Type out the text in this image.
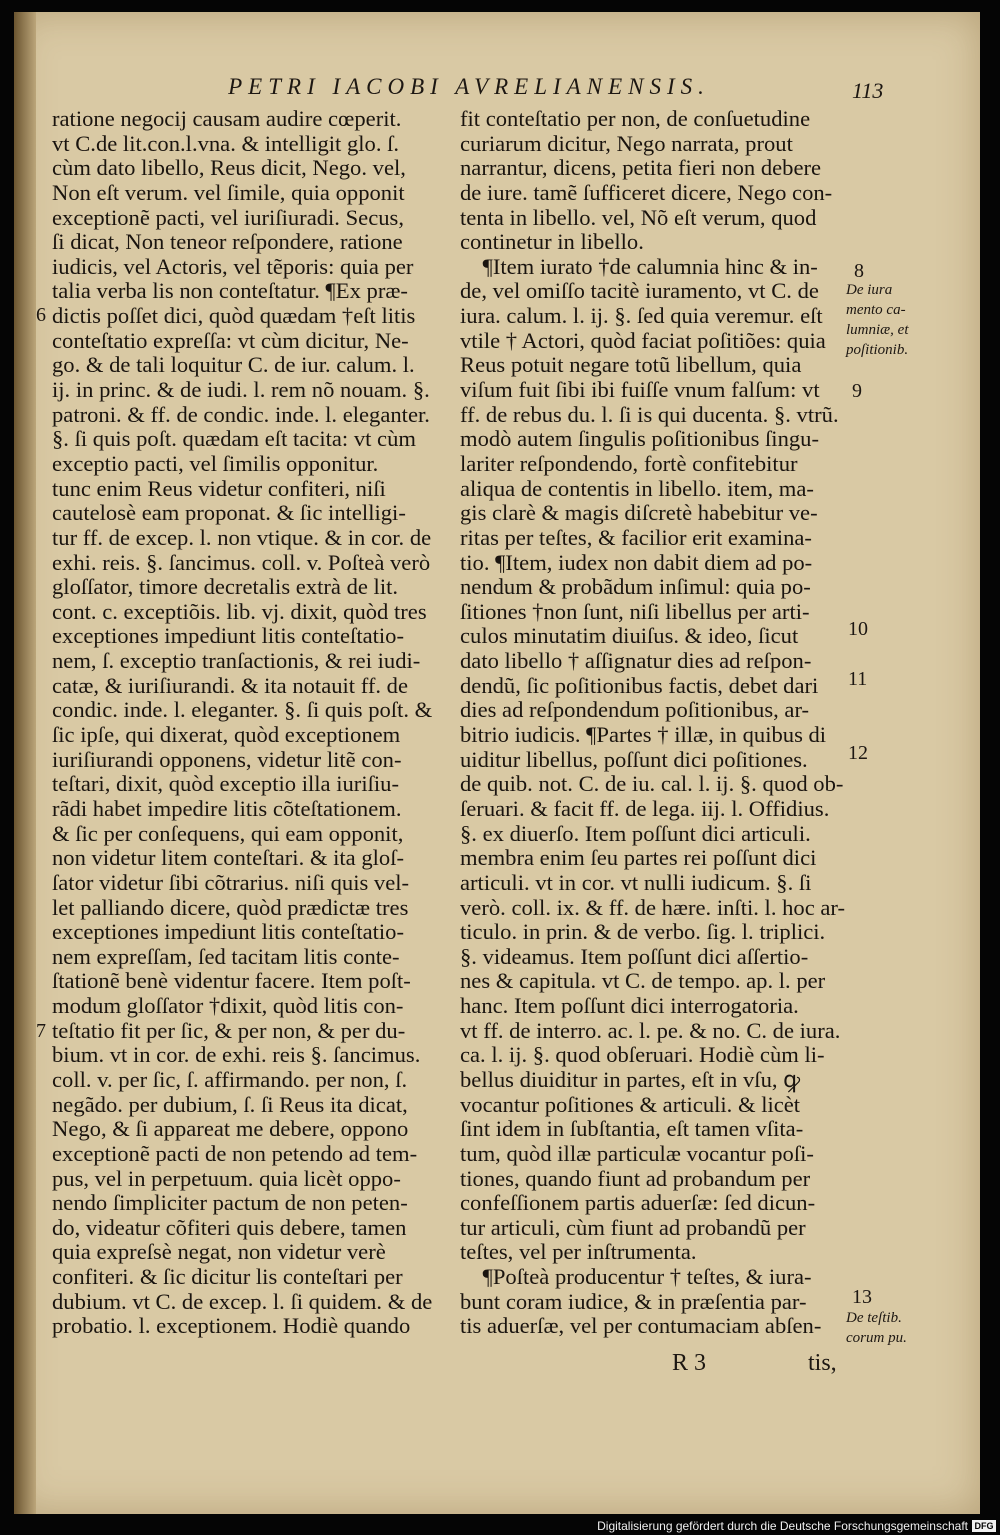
PETRI IACOBI AVRELIANENSIS.	113
ratione negocij causam audire cœperit.
vt C.de lit.con.l.vna. & intelligit glo. ſ.
cùm dato libello, Reus dicit, Nego. vel,
Non eſt verum. vel ſimile, quia opponit
exceptionẽ pacti, vel iuriſiuradi. Secus,
ſi dicat, Non teneor reſpondere, ratione
iudicis, vel Actoris, vel tẽporis: quia per
talia verba lis non conteſtatur. ¶Ex præ-
dictis poſſet dici, quòd quædam †eſt litis
conteſtatio expreſſa: vt cùm dicitur, Ne-
go. & de tali loquitur C. de iur. calum. l.
ij. in princ. & de iudi. l. rem nõ nouam. §.
patroni. & ff. de condic. inde. l. eleganter.
§. ſi quis poſt. quædam eſt tacita: vt cùm
exceptio pacti, vel ſimilis opponitur.
tunc enim Reus videtur confiteri, niſi
cautelosè eam proponat. & ſic intelligi-
tur ff. de excep. l. non vtique. & in cor. de
exhi. reis. §. ſancimus. coll. v. Poſteà verò
gloſſator, timore decretalis extrà de lit.
cont. c. exceptiõis. lib. vj. dixit, quòd tres
exceptiones impediunt litis conteſtatio-
nem, ſ. exceptio tranſactionis, & rei iudi-
catæ, & iuriſiurandi. & ita notauit ff. de
condic. inde. l. eleganter. §. ſi quis poſt. &
ſic ipſe, qui dixerat, quòd exceptionem
iuriſiurandi opponens, videtur litẽ con-
teſtari, dixit, quòd exceptio illa iuriſiu-
rãdi habet impedire litis cõteſtationem.
& ſic per conſequens, qui eam opponit,
non videtur litem conteſtari. & ita gloſ-
ſator videtur ſibi cõtrarius. niſi quis vel-
let palliando dicere, quòd prædictæ tres
exceptiones impediunt litis conteſtatio-
nem expreſſam, ſed tacitam litis conte-
ſtationẽ benè videntur facere. Item poſt-
modum gloſſator †dixit, quòd litis con-
teſtatio fit per ſic, & per non, & per du-
bium. vt in cor. de exhi. reis §. ſancimus.
coll. v. per ſic, ſ. affirmando. per non, ſ.
negãdo. per dubium, ſ. ſi Reus ita dicat,
Nego, & ſi appareat me debere, oppono
exceptionẽ pacti de non petendo ad tem-
pus, vel in perpetuum. quia licèt oppo-
nendo ſimpliciter pactum de non peten-
do, videatur cõfiteri quis debere, tamen
quia expreſsè negat, non videtur verè
confiteri. & ſic dicitur lis conteſtari per
dubium. vt C. de excep. l. ſi quidem. & de
probatio. l. exceptionem. Hodiè quando
fit conteſtatio per non, de conſuetudine
curiarum dicitur, Nego narrata, prout
narrantur, dicens, petita fieri non debere
de iure. tamẽ ſufficeret dicere, Nego con-
tenta in libello. vel, Nõ eſt verum, quod
continetur in libello.
¶Item iurato †de calumnia hinc & in-
de, vel omiſſo tacitè iuramento, vt C. de
iura. calum. l. ij. §. ſed quia veremur. eſt
vtile † Actori, quòd faciat poſitiões: quia
Reus potuit negare totũ libellum, quia
viſum fuit ſibi ibi fuiſſe vnum falſum: vt
ff. de rebus du. l. ſi is qui ducenta. §. vtrũ.
modò autem ſingulis poſitionibus ſingu-
lariter reſpondendo, fortè confitebitur
aliqua de contentis in libello. item, ma-
gis clarè & magis diſcretè habebitur ve-
ritas per teſtes, & facilior erit examina-
tio. ¶Item, iudex non dabit diem ad po-
nendum & probãdum inſimul: quia po-
ſitiones †non ſunt, niſi libellus per arti-
culos minutatim diuiſus. & ideo, ſicut
dato libello † aſſignatur dies ad reſpon-
dendũ, ſic poſitionibus factis, debet dari
dies ad reſpondendum poſitionibus, ar-
bitrio iudicis. ¶Partes † illæ, in quibus di
uiditur libellus, poſſunt dici poſitiones.
de quib. not. C. de iu. cal. l. ij. §. quod ob-
ſeruari. & facit ff. de lega. iij. l. Offidius.
§. ex diuerſo. Item poſſunt dici articuli.
membra enim ſeu partes rei poſſunt dici
articuli. vt in cor. vt nulli iudicum. §. ſi
verò. coll. ix. & ff. de hære. inſti. l. hoc ar-
ticulo. in prin. & de verbo. ſig. l. triplici.
§. videamus. Item poſſunt dici aſſertio-
nes & capitula. vt C. de tempo. ap. l. per
hanc. Item poſſunt dici interrogatoria.
vt ff. de interro. ac. l. pe. & no. C. de iura.
ca. l. ij. §. quod obſeruari. Hodiè cùm li-
bellus diuiditur in partes, eſt in vſu, ꝙ
vocantur poſitiones & articuli. & licèt
ſint idem in ſubſtantia, eſt tamen vſita-
tum, quòd illæ particulæ vocantur poſi-
tiones, quando fiunt ad probandum per
confeſſionem partis aduerſæ: ſed dicun-
tur articuli, cùm fiunt ad probandũ per
teſtes, vel per inſtrumenta.
¶Poſteà producentur † teſtes, & iura-
bunt coram iudice, & in præſentia par-
tis aduerſæ, vel per contumaciam abſen-
6
7
8
9
10
11
12
13
De iura
mento ca-
lumniæ, et
poſitionib.
De teſtib.
corum pu.
R 3	tis,
Digitalisierung gefördert durch die Deutsche Forschungsgemeinschaft DFG
